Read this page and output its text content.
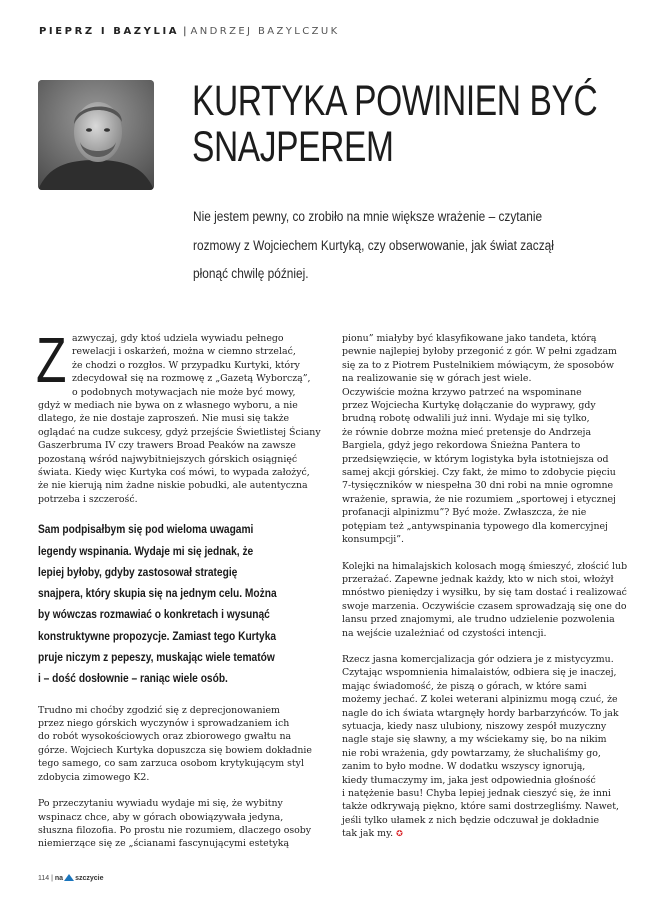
PIEPRZ I BAZYLIA | ANDRZEJ BAZYLCZUK
KURTYKA POWINIEN BYĆ
SNAJPEREM
Nie jestem pewny, co zrobiło na mnie większe wrażenie – czytanie
rozmowy z Wojciechem Kurtyką, czy obserwowanie, jak świat zaczął
płonąć chwilę później.
Z azwyczaj, gdy ktoś udziela wywiadu pełnego
rewelacji i oskarżeń, można w ciemno strzelać,
że chodzi o rozgłos. W przypadku Kurtyki, który
zdecydował się na rozmowę z „Gazetą Wyborczą”,
o podobnych motywacjach nie może być mowy,
gdyż w mediach nie bywa on z własnego wyboru, a nie
dlatego, że nie dostaje zaproszeń. Nie musi się także
oglądać na cudze sukcesy, gdyż przejście Świetlistej Ściany
Gaszerbruma IV czy trawers Broad Peaków na zawsze
pozostaną wśród najwybitniejszych górskich osiągnięć
świata. Kiedy więc Kurtyka coś mówi, to wypada założyć,
że nie kierują nim żadne niskie pobudki, ale autentyczna
potrzeba i szczerość.
Sam podpisałbym się pod wieloma uwagami
legendy wspinania. Wydaje mi się jednak, że
lepiej byłoby, gdyby zastosował strategię
snajpera, który skupia się na jednym celu. Można
by wówczas rozmawiać o konkretach i wysunąć
konstruktywne propozycje. Zamiast tego Kurtyka
pruje niczym z pepeszy, muskając wiele tematów
i – dość dosłownie – raniąc wiele osób.
Trudno mi choćby zgodzić się z deprecjonowaniem
przez niego górskich wyczynów i sprowadzaniem ich
do robót wysokościowych oraz zbiorowego gwałtu na
górze. Wojciech Kurtyka dopuszcza się bowiem dokładnie
tego samego, co sam zarzuca osobom krytykującym styl
zdobycia zimowego K2.
Po przeczytaniu wywiadu wydaje mi się, że wybitny
wspinacz chce, aby w górach obowiązywała jedyna,
słuszna filozofia. Po prostu nie rozumiem, dlaczego osoby
niemierzące się ze „ścianami fascynującymi estetyką
pionu” miałyby być klasyfikowane jako tandeta, którą
pewnie najlepiej byłoby przegonić z gór. W pełni zgadzam
się za to z Piotrem Pustelnikiem mówiącym, że sposobów
na realizowanie się w górach jest wiele.
Oczywiście można krzywo patrzeć na wspominane
przez Wojciecha Kurtykę dołączanie do wyprawy, gdy
brudną robotę odwalili już inni. Wydaje mi się tylko,
że równie dobrze można mieć pretensje do Andrzeja
Bargiela, gdyż jego rekordowa Śnieżna Pantera to
przedsięwzięcie, w którym logistyka była istotniejsza od
samej akcji górskiej. Czy fakt, że mimo to zdobycie pięciu
7-tysięczników w niespełna 30 dni robi na mnie ogromne
wrażenie, sprawia, że nie rozumiem „sportowej i etycznej
profanacji alpinizmu”? Być może. Zwłaszcza, że nie
potępiam też „antywspinania typowego dla komercyjnej
konsumpcji”.
Kolejki na himalajskich kolosach mogą śmieszyć, złościć lub
przerażać. Zapewne jednak każdy, kto w nich stoi, włożył
mnóstwo pieniędzy i wysiłku, by się tam dostać i realizować
swoje marzenia. Oczywiście czasem sprowadzają się one do
lansu przed znajomymi, ale trudno udzielenie pozwolenia
na wejście uzależniać od czystości intencji.
Rzecz jasna komercjalizacja gór odziera je z mistycyzmu.
Czytając wspomnienia himalaistów, odbiera się je inaczej,
mając świadomość, że piszą o górach, w które sami
możemy jechać. Z kolei weterani alpinizmu mogą czuć, że
nagle do ich świata wtargnęły hordy barbarzyńców. To jak
sytuacja, kiedy nasz ulubiony, niszowy zespół muzyczny
nagle staje się sławny, a my wściekamy się, bo na nikim
nie robi wrażenia, gdy powtarzamy, że słuchaliśmy go,
zanim to było modne. W dodatku wszyscy ignorują,
kiedy tłumaczymy im, jaka jest odpowiednia głośność
i natężenie basu! Chyba lepiej jednak cieszyć się, że inni
także odkrywają piękno, które sami dostrzegliśmy. Nawet,
jeśli tylko ułamek z nich będzie odczuwał je dokładnie
tak jak my. ✪
114 | na szczycie
